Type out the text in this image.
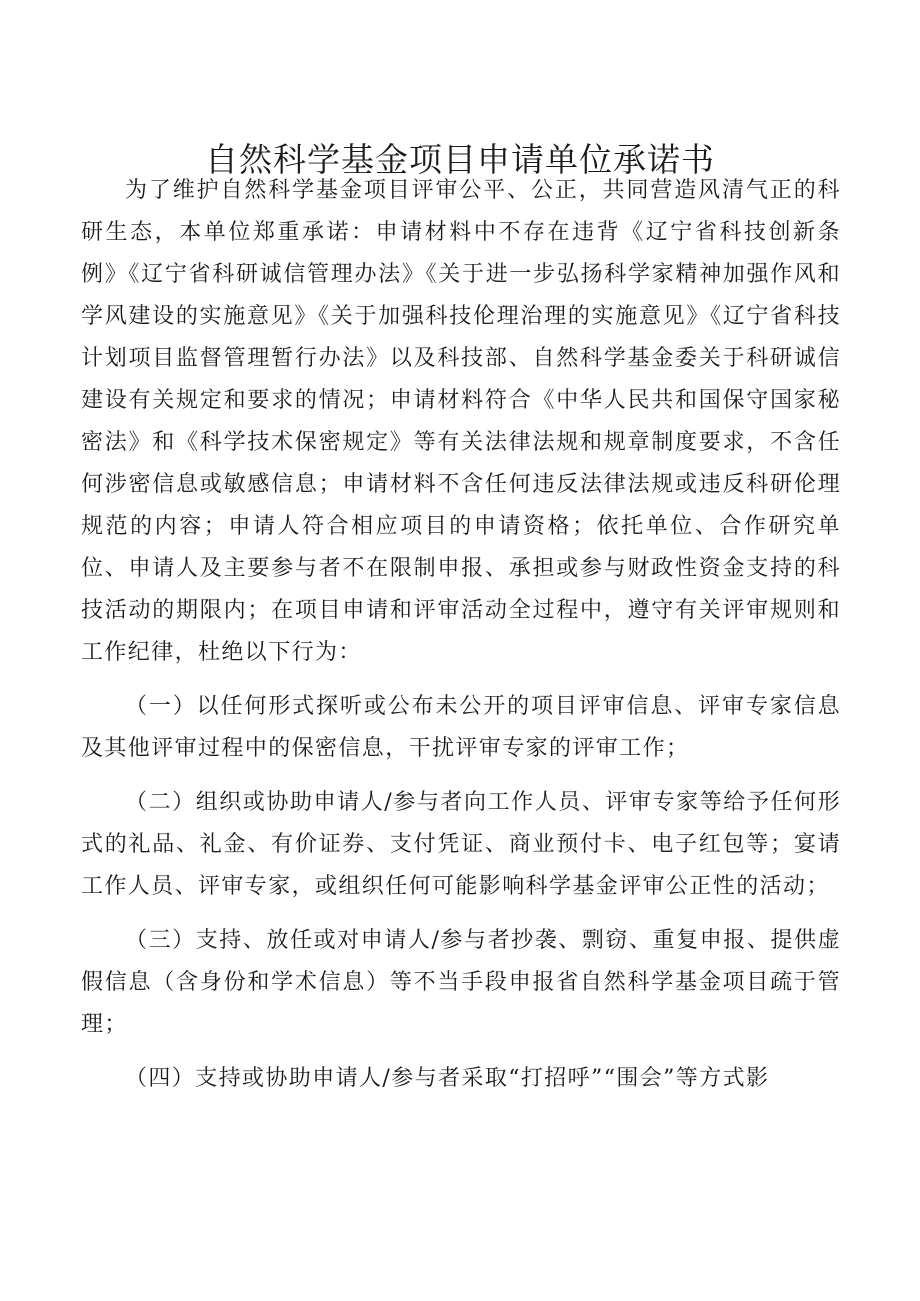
自然科学基金项目申请单位承诺书

为了维护自然科学基金项目评审公平、公正，共同营造风清气正的科研生态，本单位郑重承诺：申请材料中不存在违背《辽宁省科技创新条例》《辽宁省科研诚信管理办法》《关于进一步弘扬科学家精神加强作风和学风建设的实施意见》《关于加强科技伦理治理的实施意见》《辽宁省科技计划项目监督管理暂行办法》以及科技部、自然科学基金委关于科研诚信建设有关规定和要求的情况；申请材料符合《中华人民共和国保守国家秘密法》和《科学技术保密规定》等有关法律法规和规章制度要求，不含任何涉密信息或敏感信息；申请材料不含任何违反法律法规或违反科研伦理规范的内容；申请人符合相应项目的申请资格；依托单位、合作研究单位、申请人及主要参与者不在限制申报、承担或参与财政性资金支持的科技活动的期限内；在项目申请和评审活动全过程中，遵守有关评审规则和工作纪律，杜绝以下行为：

（一）以任何形式探听或公布未公开的项目评审信息、评审专家信息及其他评审过程中的保密信息，干扰评审专家的评审工作；

（二）组织或协助申请人/参与者向工作人员、评审专家等给予任何形式的礼品、礼金、有价证券、支付凭证、商业预付卡、电子红包等；宴请工作人员、评审专家，或组织任何可能影响科学基金评审公正性的活动；

（三）支持、放任或对申请人/参与者抄袭、剽窃、重复申报、提供虚假信息（含身份和学术信息）等不当手段申报省自然科学基金项目疏于管理；

（四）支持或协助申请人/参与者采取“打招呼”“围会”等方式影
